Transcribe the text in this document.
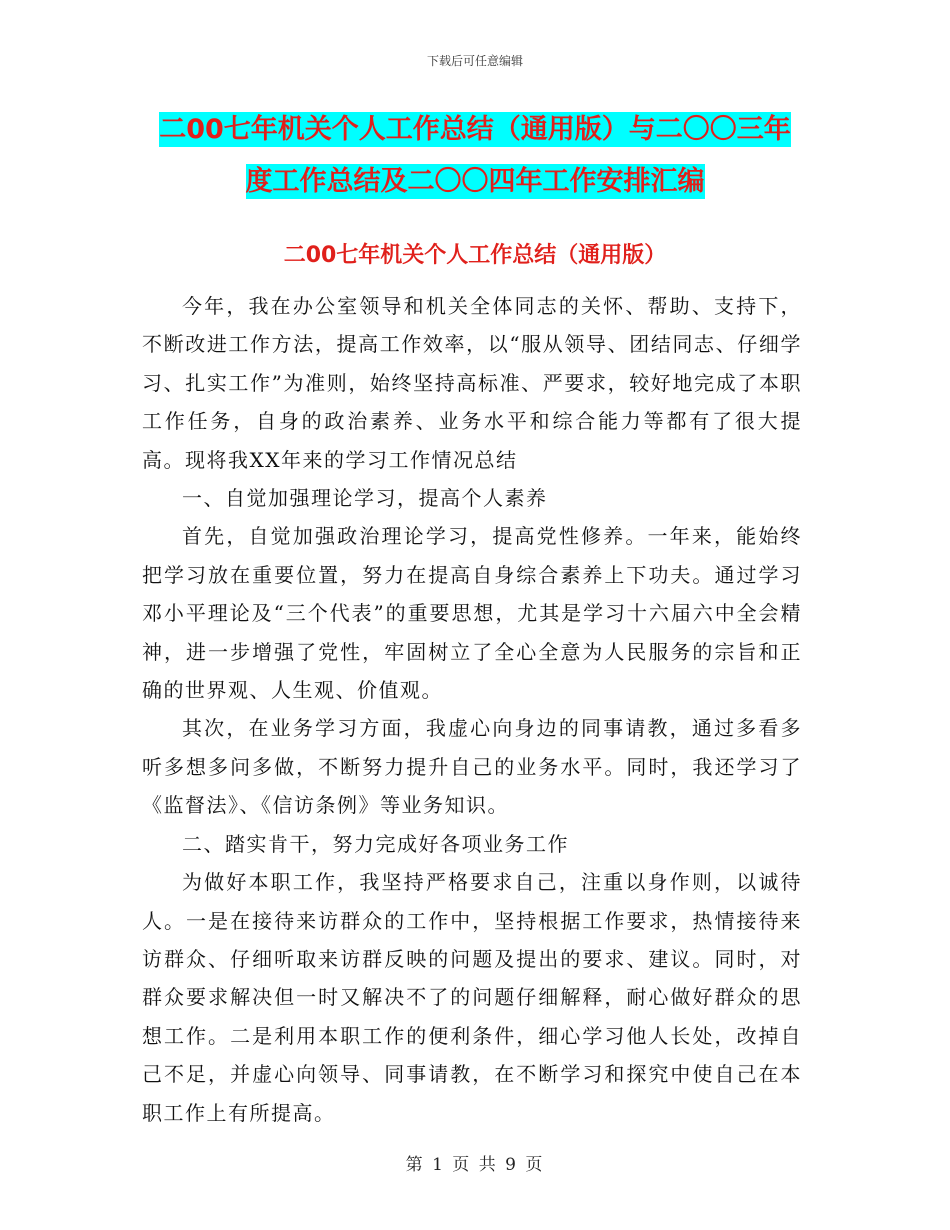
下载后可任意编辑
二00七年机关个人工作总结（通用版）与二〇〇三年
度工作总结及二〇〇四年工作安排汇编
二00七年机关个人工作总结（通用版）

今年，我在办公室领导和机关全体同志的关怀、帮助、支持下，不断改进工作方法，提高工作效率，以“服从领导、团结同志、仔细学习、扎实工作”为准则，始终坚持高标准、严要求，较好地完成了本职工作任务，自身的政治素养、业务水平和综合能力等都有了很大提高。现将我XX年来的学习工作情况总结

一、自觉加强理论学习，提高个人素养

首先，自觉加强政治理论学习，提高党性修养。一年来，能始终把学习放在重要位置，努力在提高自身综合素养上下功夫。通过学习邓小平理论及“三个代表”的重要思想，尤其是学习十六届六中全会精神，进一步增强了党性，牢固树立了全心全意为人民服务的宗旨和正确的世界观、人生观、价值观。

其次，在业务学习方面，我虚心向身边的同事请教，通过多看多听多想多问多做，不断努力提升自己的业务水平。同时，我还学习了《监督法》、《信访条例》等业务知识。

二、踏实肯干，努力完成好各项业务工作

为做好本职工作，我坚持严格要求自己，注重以身作则，以诚待人。一是在接待来访群众的工作中，坚持根据工作要求，热情接待来访群众、仔细听取来访群反映的问题及提出的要求、建议。同时，对群众要求解决但一时又解决不了的问题仔细解释，耐心做好群众的思想工作。二是利用本职工作的便利条件，细心学习他人长处，改掉自己不足，并虚心向领导、同事请教，在不断学习和探究中使自己在本职工作上有所提高。

第 1 页 共 9 页
